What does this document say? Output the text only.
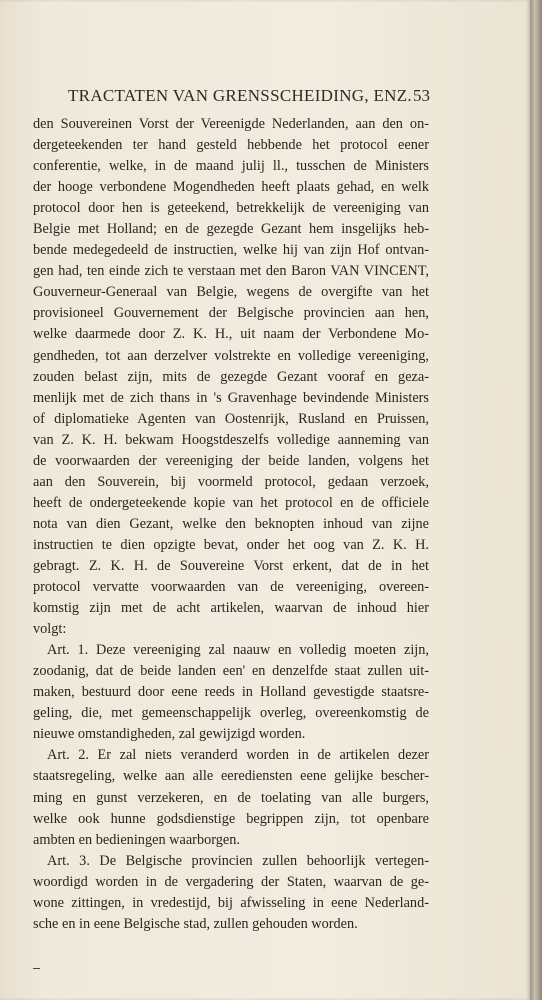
TRACTATEN VAN GRENSSCHEIDING, ENZ. 53
den Souvereinen Vorst der Vereenigde Nederlanden, aan den on-
dergeteekenden ter hand gesteld hebbende het protocol eener
conferentie, welke, in de maand julij ll., tusschen de Ministers
der hooge verbondene Mogendheden heeft plaats gehad, en welk
protocol door hen is geteekend, betrekkelijk de vereeniging van
Belgie met Holland; en de gezegde Gezant hem insgelijks heb-
bende medegedeeld de instructien, welke hij van zijn Hof ontvan-
gen had, ten einde zich te verstaan met den Baron VAN VINCENT,
Gouverneur-Generaal van Belgie, wegens de overgifte van het
provisioneel Gouvernement der Belgische provincien aan hen,
welke daarmede door Z. K. H., uit naam der Verbondene Mo-
gendheden, tot aan derzelver volstrekte en volledige vereeniging,
zouden belast zijn, mits de gezegde Gezant vooraf en geza-
menlijk met de zich thans in 's Gravenhage bevindende Ministers
of diplomatieke Agenten van Oostenrijk, Rusland en Pruissen,
van Z. K. H. bekwam Hoogstdeszelfs volledige aanneming van
de voorwaarden der vereeniging der beide landen, volgens het
aan den Souverein, bij voormeld protocol, gedaan verzoek,
heeft de ondergeteekende kopie van het protocol en de officiele
nota van dien Gezant, welke den beknopten inhoud van zijne
instructien te dien opzigte bevat, onder het oog van Z. K. H.
gebragt. Z. K. H. de Souvereine Vorst erkent, dat de in het
protocol vervatte voorwaarden van de vereeniging, overeen-
komstig zijn met de acht artikelen, waarvan de inhoud hier
volgt:
Art. 1. Deze vereeniging zal naauw en volledig moeten zijn,
zoodanig, dat de beide landen een' en denzelfde staat zullen uit-
maken, bestuurd door eene reeds in Holland gevestigde staatsre-
geling, die, met gemeenschappelijk overleg, overeenkomstig de
nieuwe omstandigheden, zal gewijzigd worden.
Art. 2. Er zal niets veranderd worden in de artikelen dezer
staatsregeling, welke aan alle eerediensten eene gelijke bescher-
ming en gunst verzekeren, en de toelating van alle burgers,
welke ook hunne godsdienstige begrippen zijn, tot openbare
ambten en bedieningen waarborgen.
Art. 3. De Belgische provincien zullen behoorlijk vertegen-
woordigd worden in de vergadering der Staten, waarvan de ge-
wone zittingen, in vredestijd, bij afwisseling in eene Nederland-
sche en in eene Belgische stad, zullen gehouden worden.
